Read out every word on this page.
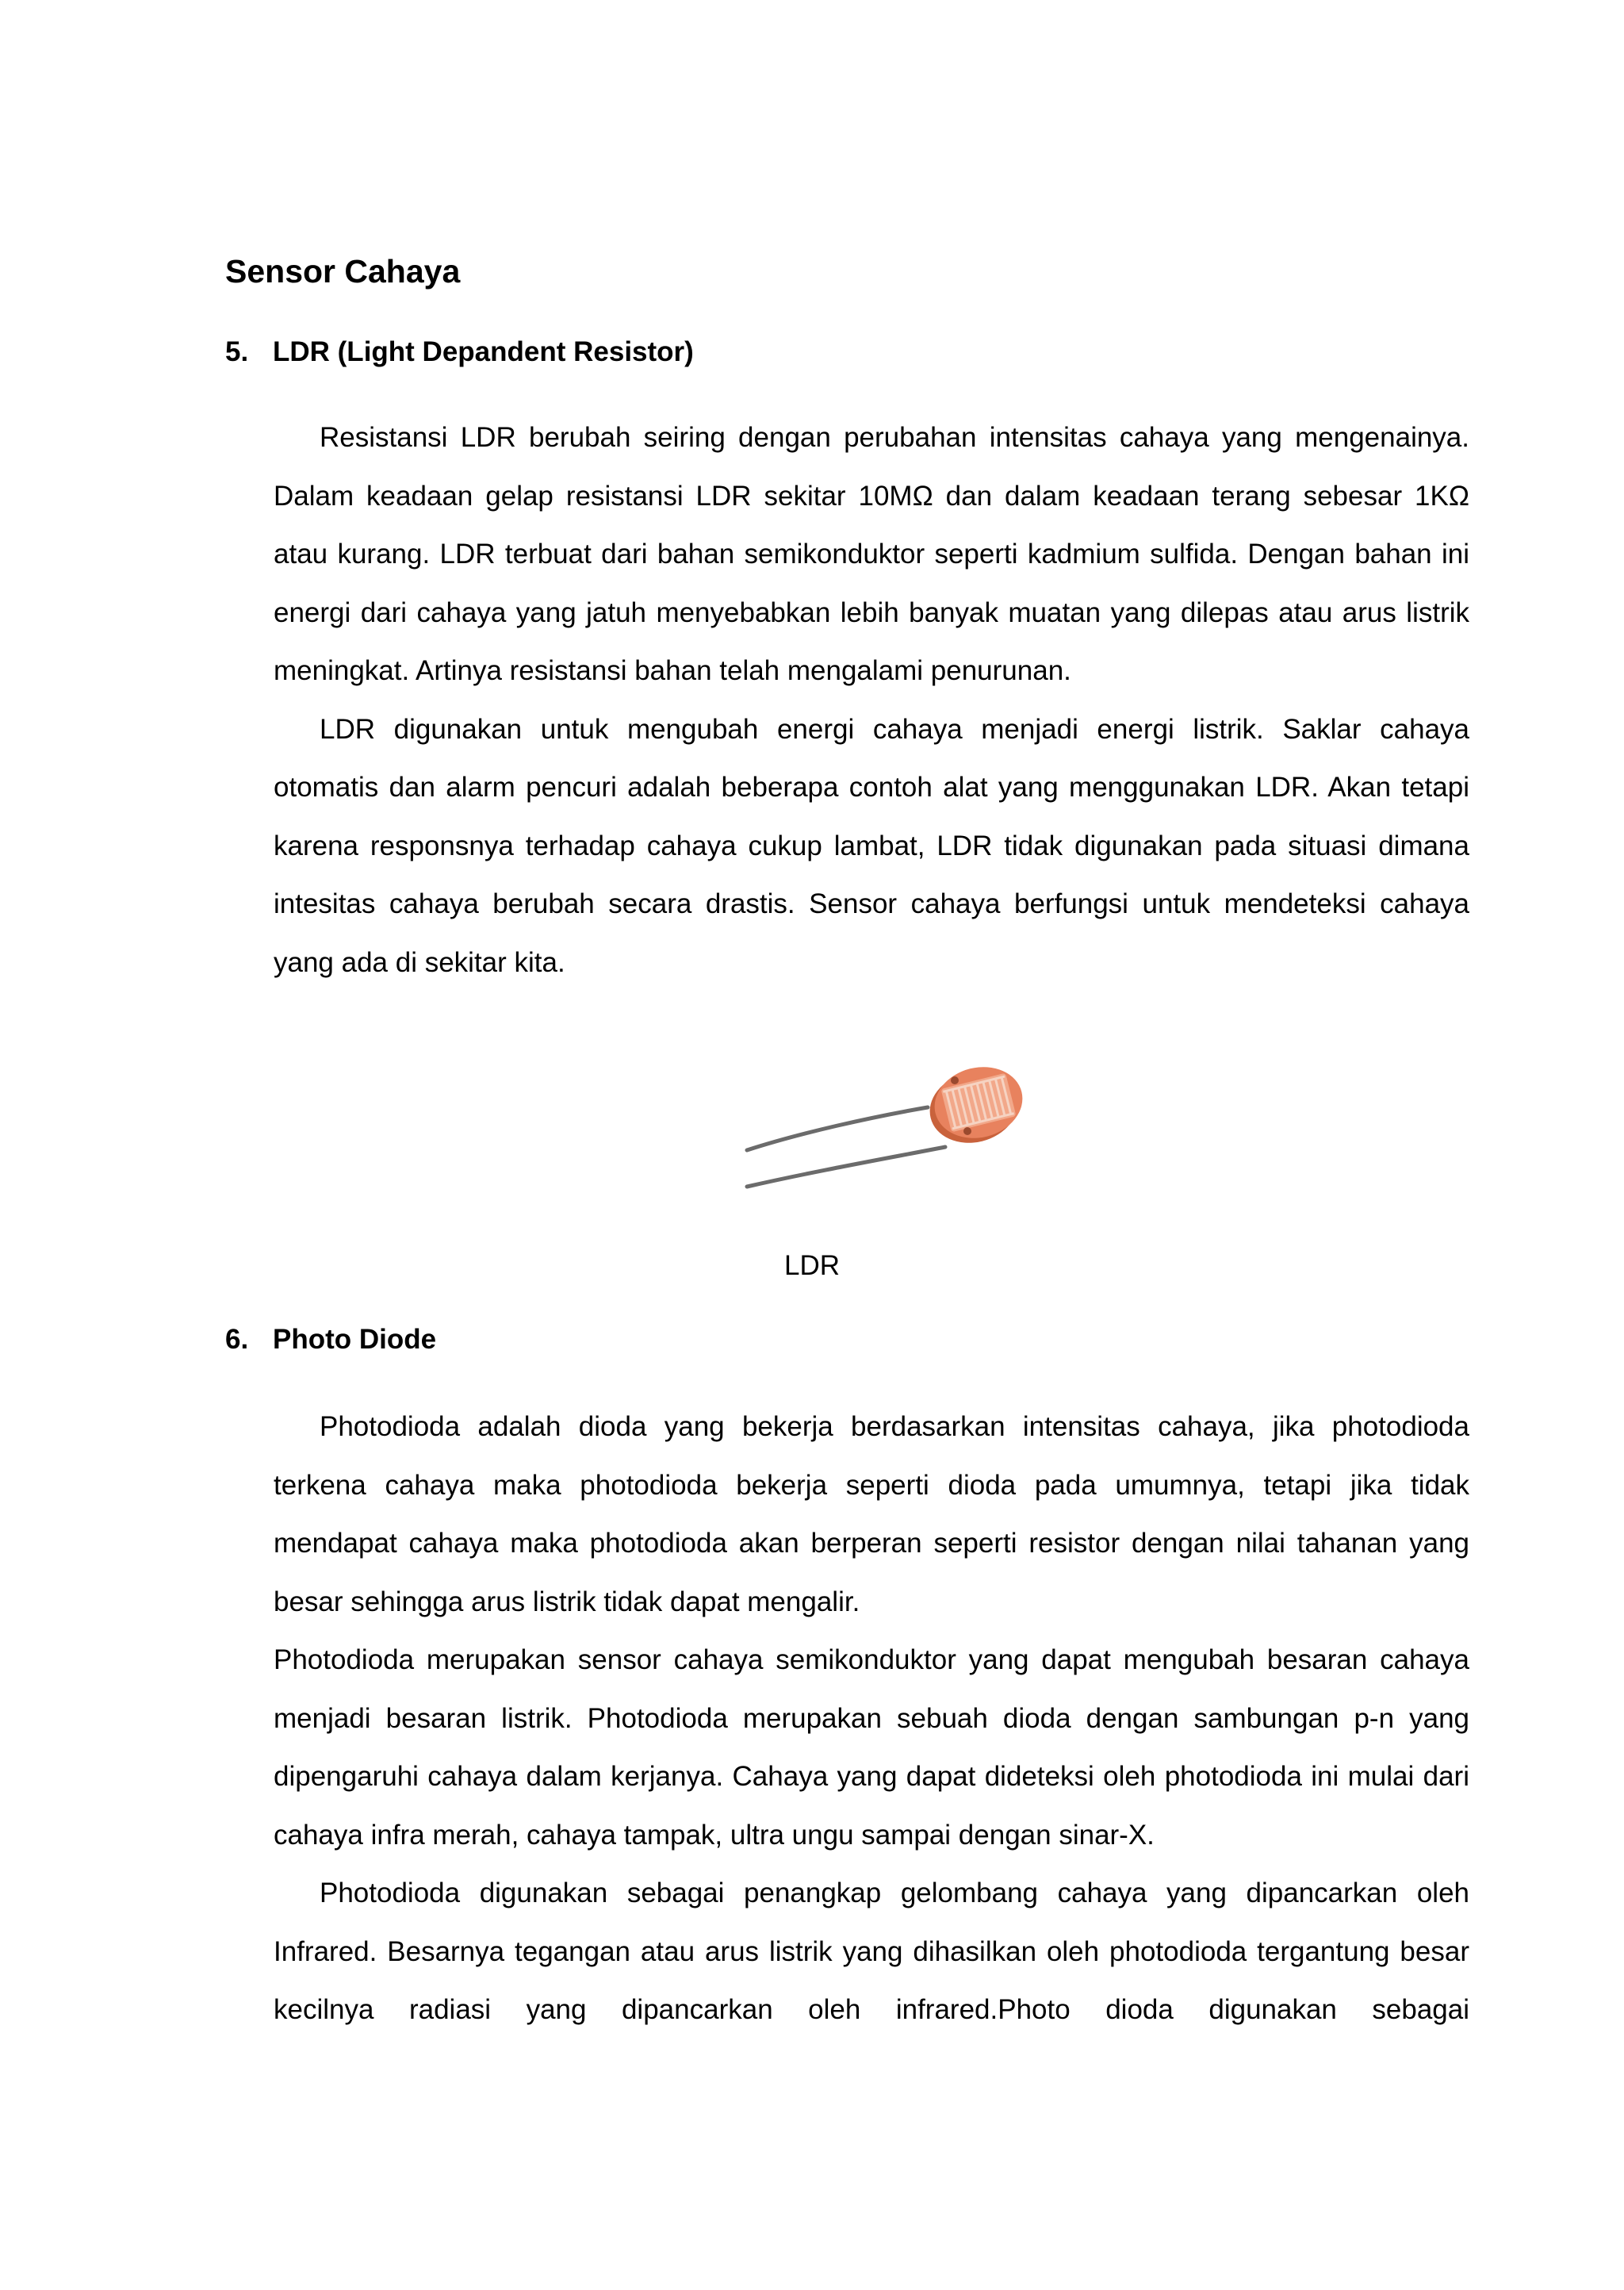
Sensor Cahaya
5. LDR (Light Depandent Resistor)

Resistansi LDR berubah seiring dengan perubahan intensitas cahaya yang mengenainya. Dalam keadaan gelap resistansi LDR sekitar 10MΩ dan dalam keadaan terang sebesar 1KΩ atau kurang. LDR terbuat dari bahan semikonduktor seperti kadmium sulfida. Dengan bahan ini energi dari cahaya yang jatuh menyebabkan lebih banyak muatan yang dilepas atau arus listrik meningkat. Artinya resistansi bahan telah mengalami penurunan.

LDR digunakan untuk mengubah energi cahaya menjadi energi listrik. Saklar cahaya otomatis dan alarm pencuri adalah beberapa contoh alat yang menggunakan LDR. Akan tetapi karena responsnya terhadap cahaya cukup lambat, LDR tidak digunakan pada situasi dimana intesitas cahaya berubah secara drastis. Sensor cahaya berfungsi untuk mendeteksi cahaya yang ada di sekitar kita.

LDR

6. Photo Diode

Photodioda adalah dioda yang bekerja berdasarkan intensitas cahaya, jika photodioda terkena cahaya maka photodioda bekerja seperti dioda pada umumnya, tetapi jika tidak mendapat cahaya maka photodioda akan berperan seperti resistor dengan nilai tahanan yang besar sehingga arus listrik tidak dapat mengalir.

Photodioda merupakan sensor cahaya semikonduktor yang dapat mengubah besaran cahaya menjadi besaran listrik. Photodioda merupakan sebuah dioda dengan sambungan p-n yang dipengaruhi cahaya dalam kerjanya. Cahaya yang dapat dideteksi oleh photodioda ini mulai dari cahaya infra merah, cahaya tampak, ultra ungu sampai dengan sinar-X.

Photodioda digunakan sebagai penangkap gelombang cahaya yang dipancarkan oleh Infrared. Besarnya tegangan atau arus listrik yang dihasilkan oleh photodioda tergantung besar kecilnya radiasi yang dipancarkan oleh infrared.Photo dioda digunakan sebagai
